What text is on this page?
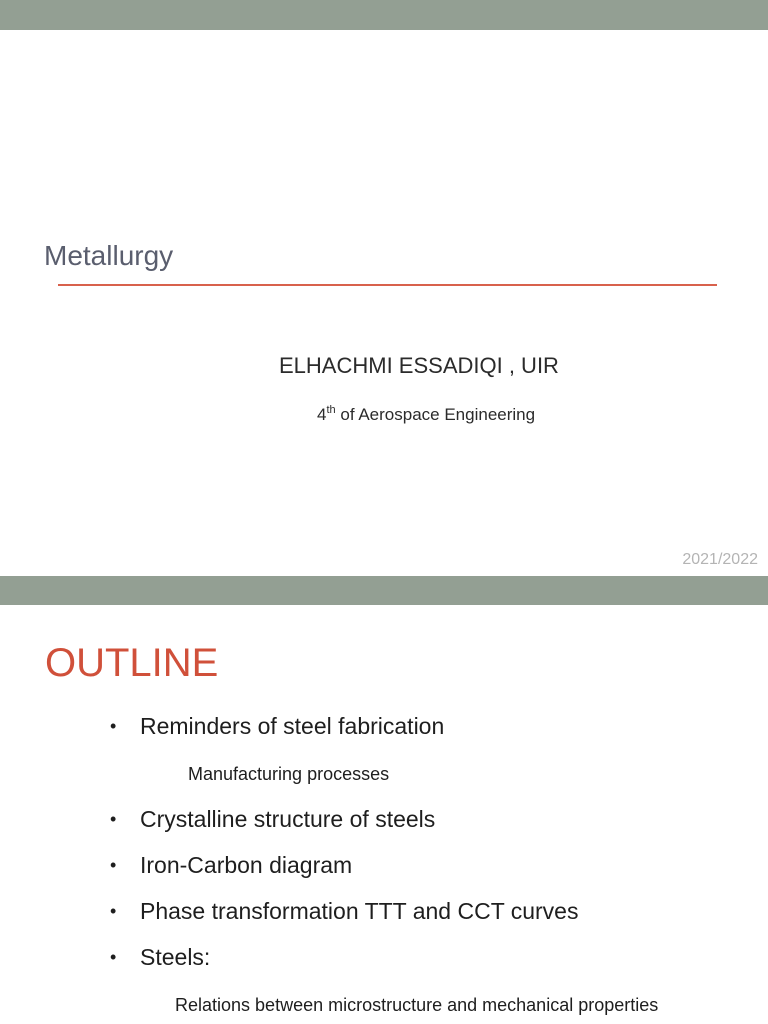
Metallurgy
ELHACHMI ESSADIQI , UIR
4th of Aerospace Engineering
2021/2022
OUTLINE
• Reminders of steel fabrication
Manufacturing processes
• Crystalline structure of steels
• Iron-Carbon diagram
• Phase transformation TTT and CCT curves
• Steels:
Relations between microstructure and mechanical properties
